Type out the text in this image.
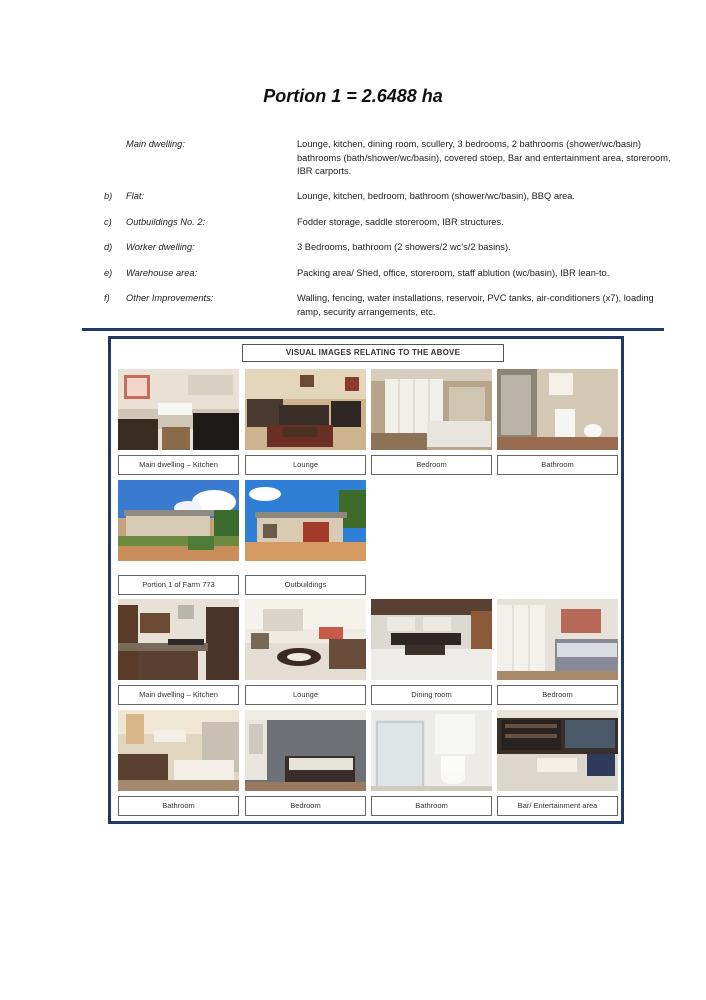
Portion 1 = 2.6488 ha
Main dwelling:	Lounge, kitchen, dining room, scullery, 3 bedrooms, 2 bathrooms (shower/wc/basin) bathrooms (bath/shower/wc/basin), covered stoep, Bar and entertainment area, storeroom, IBR carports.
b) Flat:	Lounge, kitchen, bedroom, bathroom (shower/wc/basin), BBQ area.
c) Outbuildings No. 2:	Fodder storage, saddle storeroom, IBR structures.
d) Worker dwelling:	3 Bedrooms, bathroom (2 showers/2 wc's/2 basins).
e) Warehouse area:	Packing area/ Shed, office, storeroom, staff ablution (wc/basin), IBR lean-to.
f) Other Improvements:	Walling, fencing, water installations, reservoir, PVC tanks, air-conditioners (x7), loading ramp, security arrangements, etc.
VISUAL IMAGES RELATING TO THE ABOVE
Main dwelling – Kitchen	Lounge	Bedroom	Bathroom
Portion 1 of Farm 773	Outbuildings
Main dwelling – Kitchen	Lounge	Dining room	Bedroom
Bathroom	Bedroom	Bathroom	Bar/ Entertainment area
